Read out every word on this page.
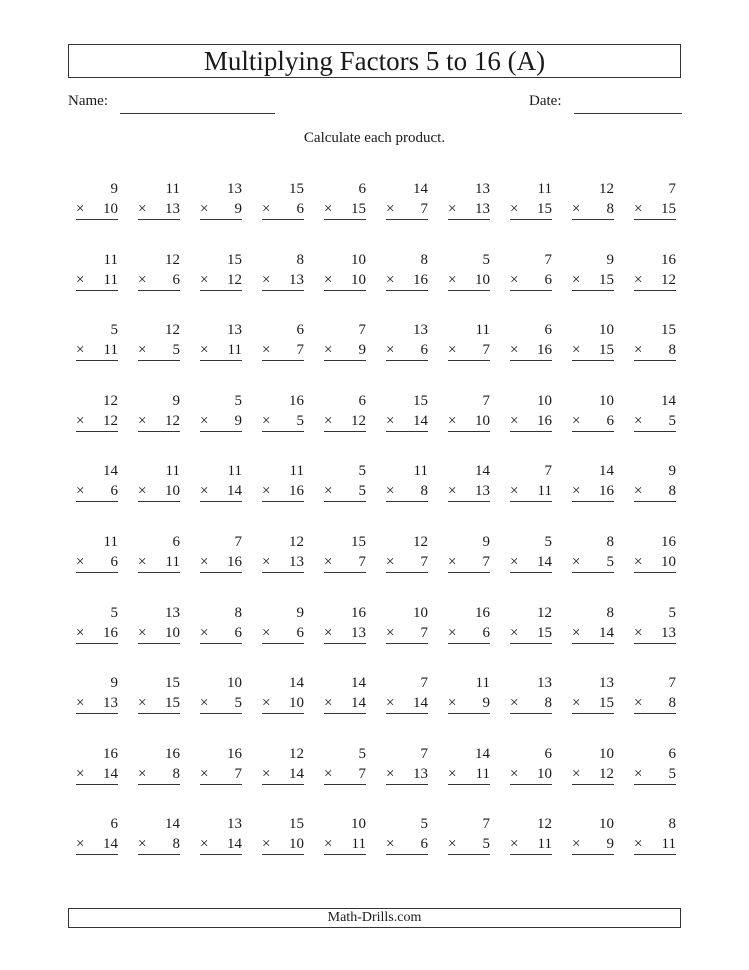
Multiplying Factors 5 to 16 (A)
Name:	Date:
Calculate each product.
9
× 10
11
× 13
13
× 9
15
× 6
6
× 15
14
× 7
13
× 13
11
× 15
12
× 8
7
× 15
11
× 11
12
× 6
15
× 12
8
× 13
10
× 10
8
× 16
5
× 10
7
× 6
9
× 15
16
× 12
5
× 11
12
× 5
13
× 11
6
× 7
7
× 9
13
× 6
11
× 7
6
× 16
10
× 15
15
× 8
12
× 12
9
× 12
5
× 9
16
× 5
6
× 12
15
× 14
7
× 10
10
× 16
10
× 6
14
× 5
14
× 6
11
× 10
11
× 14
11
× 16
5
× 5
11
× 8
14
× 13
7
× 11
14
× 16
9
× 8
11
× 6
6
× 11
7
× 16
12
× 13
15
× 7
12
× 7
9
× 7
5
× 14
8
× 5
16
× 10
5
× 16
13
× 10
8
× 6
9
× 6
16
× 13
10
× 7
16
× 6
12
× 15
8
× 14
5
× 13
9
× 13
15
× 15
10
× 5
14
× 10
14
× 14
7
× 14
11
× 9
13
× 8
13
× 15
7
× 8
16
× 14
16
× 8
16
× 7
12
× 14
5
× 7
7
× 13
14
× 11
6
× 10
10
× 12
6
× 5
6
× 14
14
× 8
13
× 14
15
× 10
10
× 11
5
× 6
7
× 5
12
× 11
10
× 9
8
× 11
Math-Drills.com
